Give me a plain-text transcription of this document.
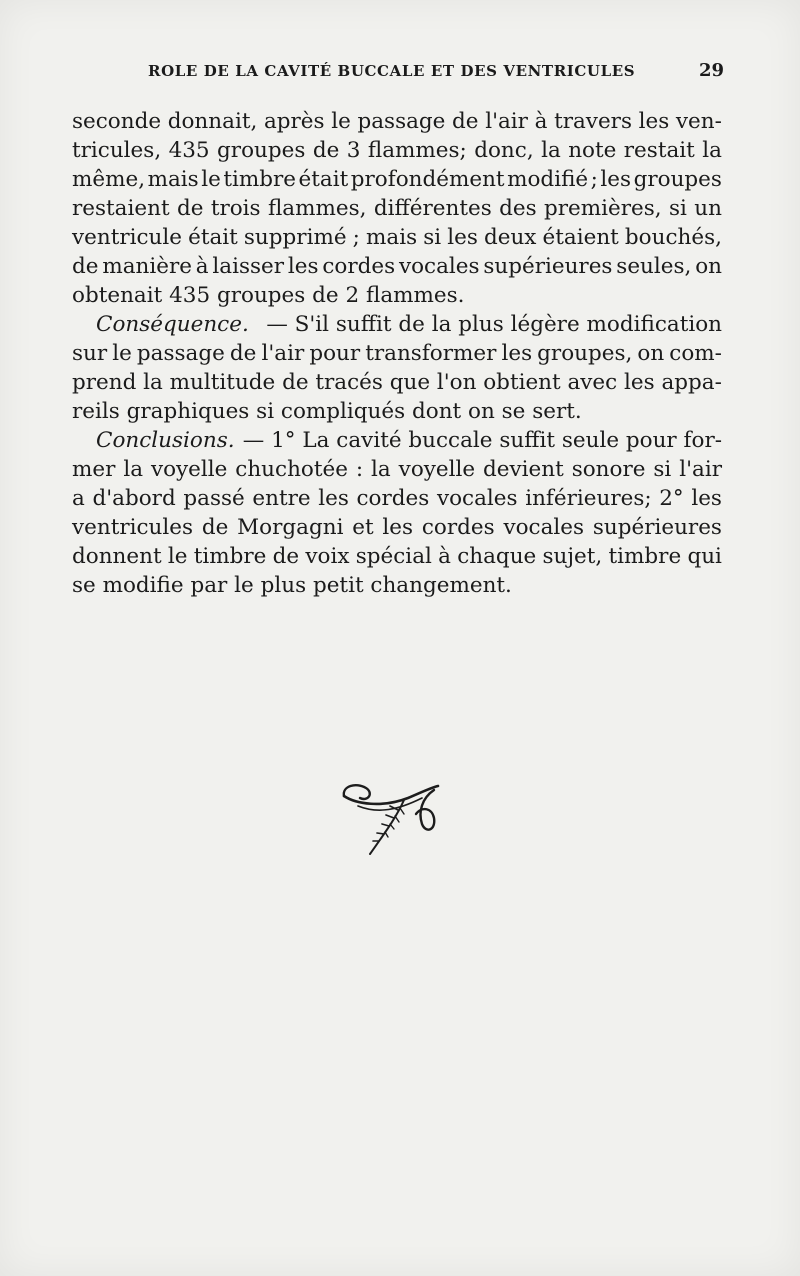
ROLE DE LA CAVITÉ BUCCALE ET DES VENTRICULES	29
seconde donnait, après le passage de l'air à travers les ven-
tricules, 435 groupes de 3 flammes; donc, la note restait la
même, mais le timbre était profondément modifié ; les groupes
restaient de trois flammes, différentes des premières, si un
ventricule était supprimé ; mais si les deux étaient bouchés,
de manière à laisser les cordes vocales supérieures seules, on
obtenait 435 groupes de 2 flammes.
Conséquence. — S'il suffit de la plus légère modification
sur le passage de l'air pour transformer les groupes, on com-
prend la multitude de tracés que l'on obtient avec les appa-
reils graphiques si compliqués dont on se sert.
Conclusions. — 1° La cavité buccale suffit seule pour for-
mer la voyelle chuchotée : la voyelle devient sonore si l'air
a d'abord passé entre les cordes vocales inférieures; 2° les
ventricules de Morgagni et les cordes vocales supérieures
donnent le timbre de voix spécial à chaque sujet, timbre qui
se modifie par le plus petit changement.
